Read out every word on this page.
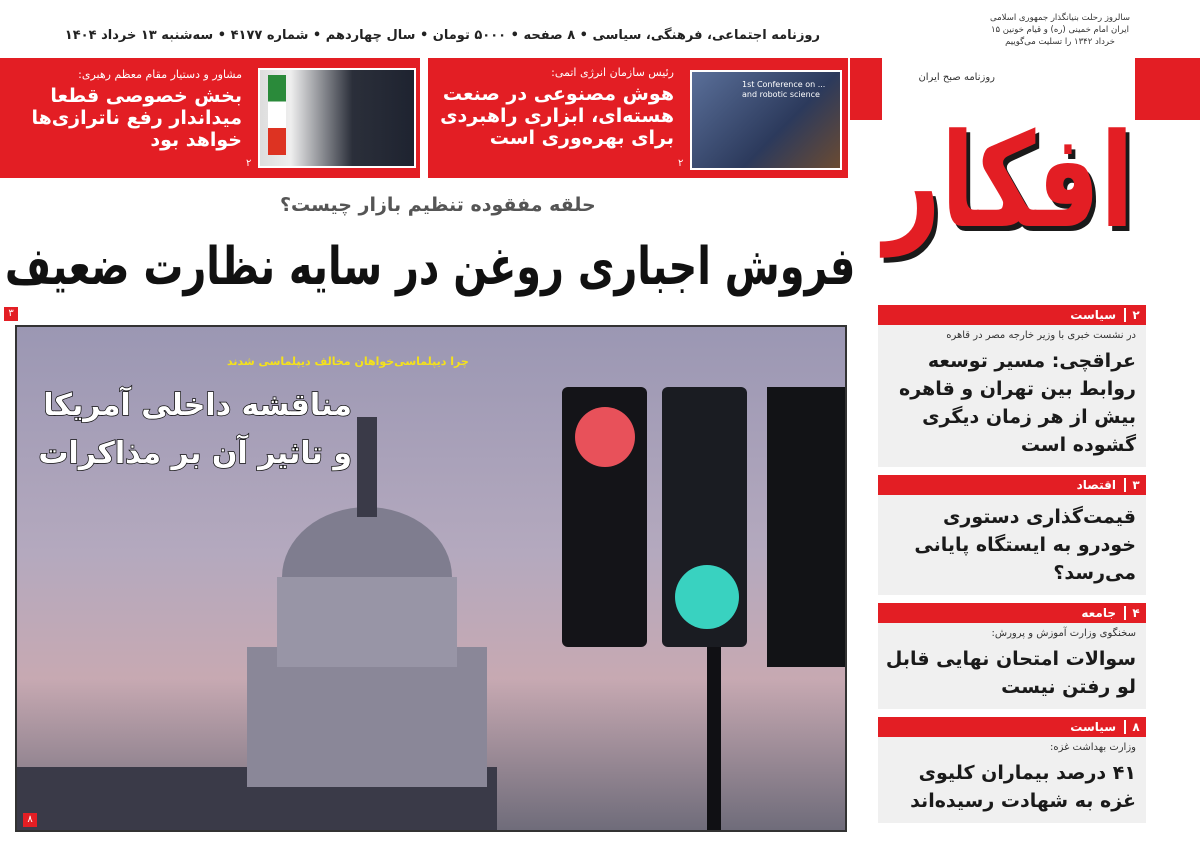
روزنامه اجتماعی، فرهنگی، سیاسی • ۸ صفحه • ۵۰۰۰ تومان • سال چهاردهم • شماره ۴۱۷۷ • سه‌شنبه ۱۳ خرداد ۱۴۰۴
سالروز رحلت بنیانگذار جمهوری اسلامی ایران امام خمینی (ره) و قیام خونین ۱۵ خرداد ۱۳۴۲ را تسلیت می‌گوییم
1st Conference on ... and robotic science
رئیس سازمان انرژی اتمی:
هوش مصنوعی در صنعت هسته‌ای، ابزاری راهبردی برای بهره‌وری است
۲
مشاور و دستیار مقام معظم رهبری:
بخش خصوصی قطعا میداندار رفع ناترازی‌ها خواهد بود
۲	افکار
روزنامه صبح ایران
حلقه مفقوده تنظیم بازار چیست؟
فروش اجباری روغن در سایه نظارت ضعیف
۳
چرا دیپلماسی‌خواهان مخالف دیپلماسی شدند
مناقشه داخلی آمریکا و تاثیر آن بر مذاکرات
۸
۲
سیاست
در نشست خبری با وزیر خارجه مصر در قاهره
عراقچی: مسیر توسعه روابط بین تهران و قاهره بیش از هر زمان دیگری گشوده است
۳
اقتصاد
قیمت‌گذاری دستوری خودرو به ایستگاه پایانی می‌رسد؟
۴
جامعه
سخنگوی وزارت آموزش و پرورش:
سوالات امتحان نهایی قابل لو رفتن نیست
۸
سیاست
وزارت بهداشت غزه:
۴۱ درصد بیماران کلیوی غزه به شهادت رسیده‌اند
